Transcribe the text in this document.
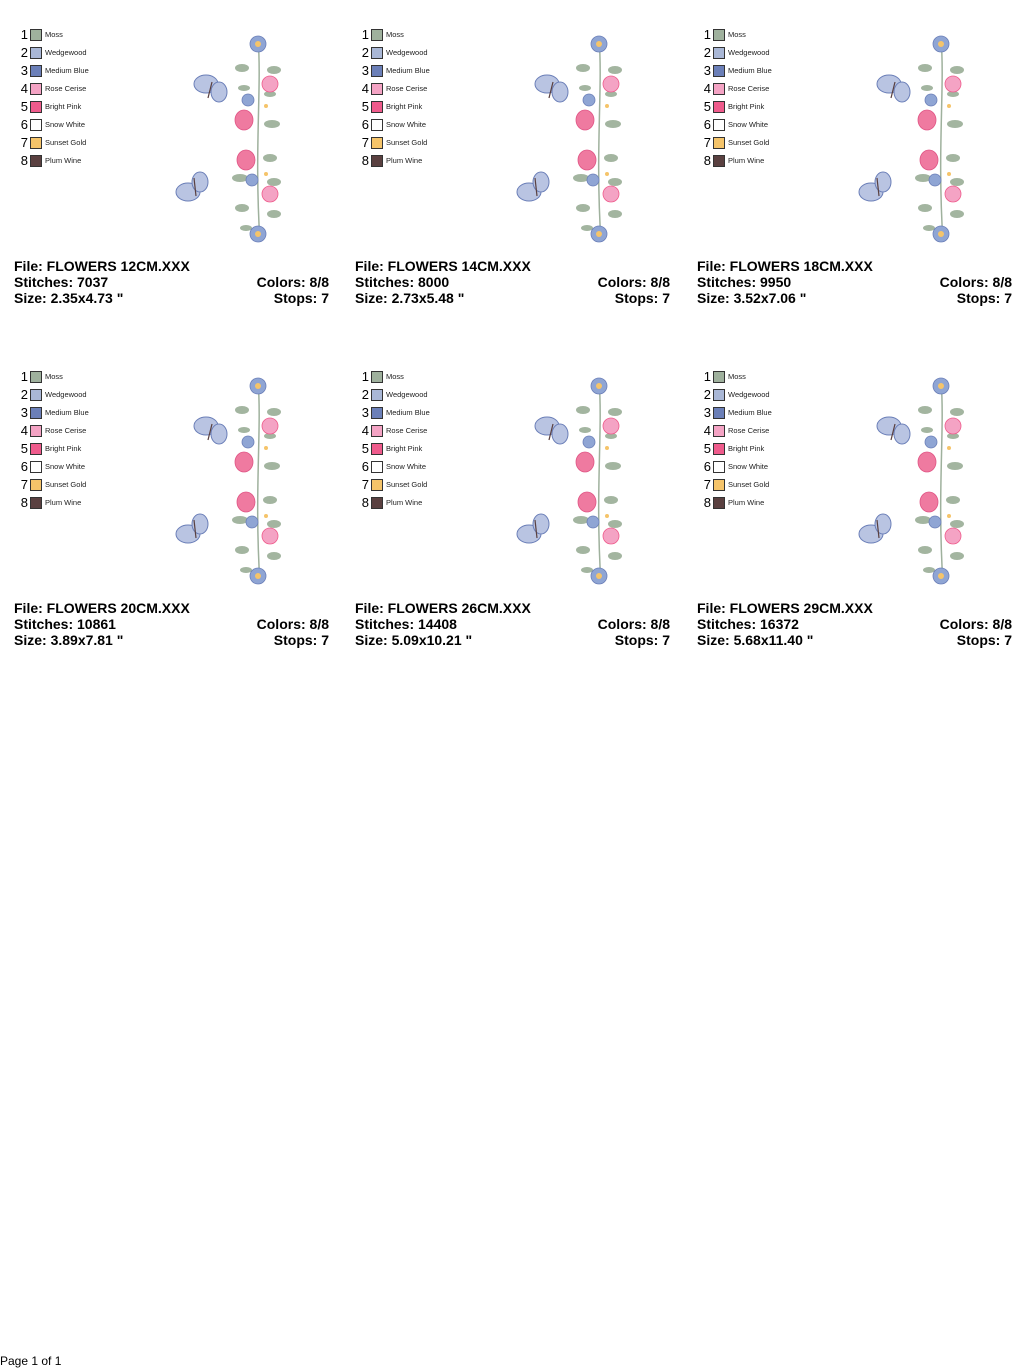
1 Moss
2 Wedgewood
3 Medium Blue
4 Rose Cerise
5 Bright Pink
6 Snow White
7 Sunset Gold
8 Plum Wine
File: FLOWERS 12CM.XXX
Stitches: 7037	Colors: 8/8
Size: 2.35x4.73 "	Stops: 7
1 Moss
2 Wedgewood
3 Medium Blue
4 Rose Cerise
5 Bright Pink
6 Snow White
7 Sunset Gold
8 Plum Wine
File: FLOWERS 14CM.XXX
Stitches: 8000	Colors: 8/8
Size: 2.73x5.48 "	Stops: 7
1 Moss
2 Wedgewood
3 Medium Blue
4 Rose Cerise
5 Bright Pink
6 Snow White
7 Sunset Gold
8 Plum Wine
File: FLOWERS 18CM.XXX
Stitches: 9950	Colors: 8/8
Size: 3.52x7.06 "	Stops: 7
1 Moss
2 Wedgewood
3 Medium Blue
4 Rose Cerise
5 Bright Pink
6 Snow White
7 Sunset Gold
8 Plum Wine
File: FLOWERS 20CM.XXX
Stitches: 10861	Colors: 8/8
Size: 3.89x7.81 "	Stops: 7
1 Moss
2 Wedgewood
3 Medium Blue
4 Rose Cerise
5 Bright Pink
6 Snow White
7 Sunset Gold
8 Plum Wine
File: FLOWERS 26CM.XXX
Stitches: 14408	Colors: 8/8
Size: 5.09x10.21 "	Stops: 7
1 Moss
2 Wedgewood
3 Medium Blue
4 Rose Cerise
5 Bright Pink
6 Snow White
7 Sunset Gold
8 Plum Wine
File: FLOWERS 29CM.XXX
Stitches: 16372	Colors: 8/8
Size: 5.68x11.40 "	Stops: 7
Page 1 of 1
